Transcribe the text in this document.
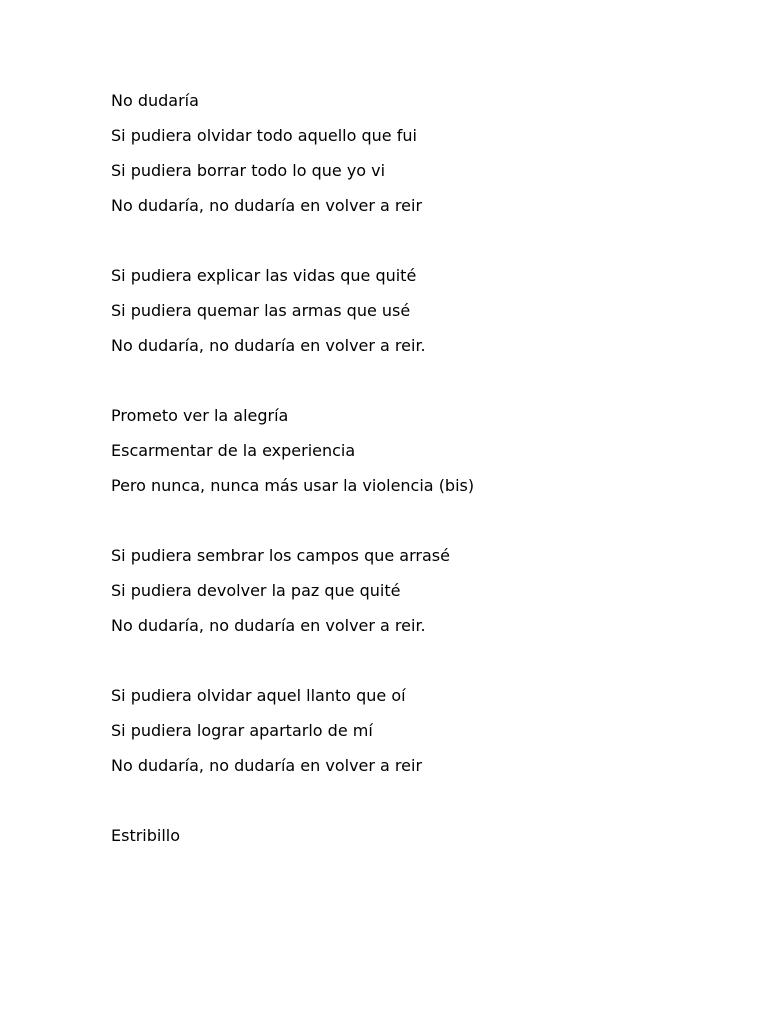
No dudaría

Si pudiera olvidar todo aquello que fui

Si pudiera borrar todo lo que yo vi

No dudaría, no dudaría en volver a reir

Si pudiera explicar las vidas que quité

Si pudiera quemar las armas que usé

No dudaría, no dudaría en volver a reir.

Prometo ver la alegría

Escarmentar de la experiencia

Pero nunca, nunca más usar la violencia (bis)

Si pudiera sembrar los campos que arrasé

Si pudiera devolver la paz que quité

No dudaría, no dudaría en volver a reir.

Si pudiera olvidar aquel llanto que oí

Si pudiera lograr apartarlo de mí

No dudaría, no dudaría en volver a reir

Estribillo
